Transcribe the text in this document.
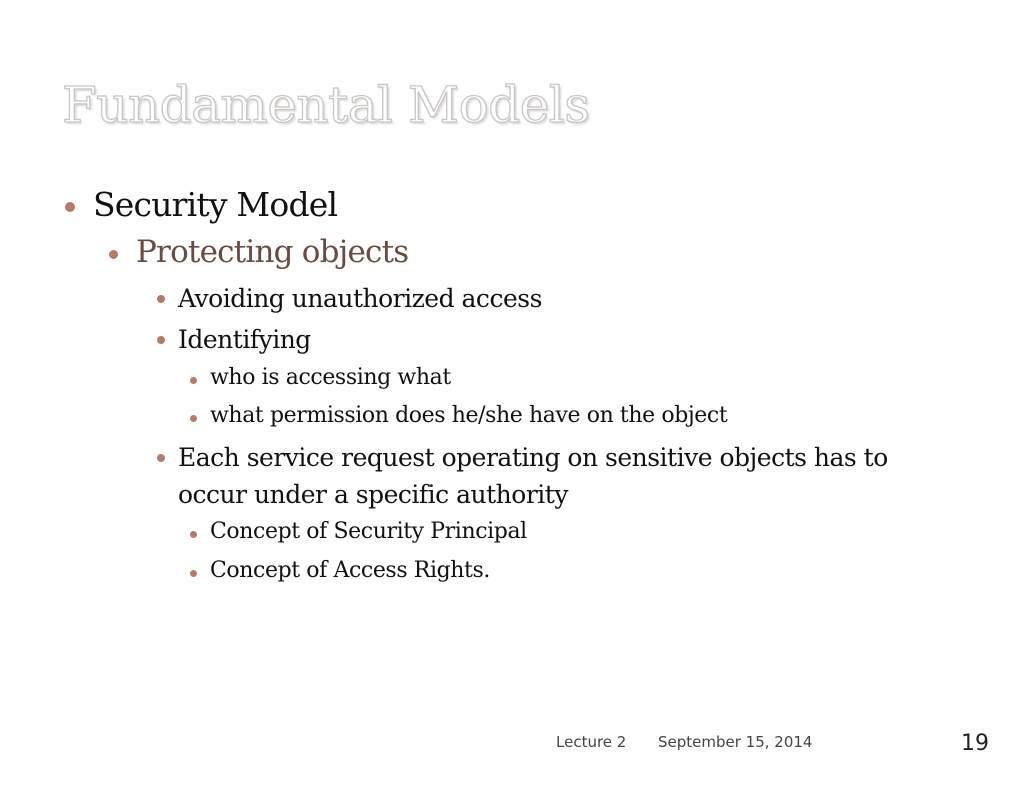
Fundamental Models
Security Model
Protecting objects
Avoiding unauthorized access
Identifying
who is accessing what
what permission does he/she have on the object
Each service request operating on sensitive objects has to
occur under a specific authority
Concept of Security Principal
Concept of Access Rights.
Lecture 2 September 15, 2014	19
